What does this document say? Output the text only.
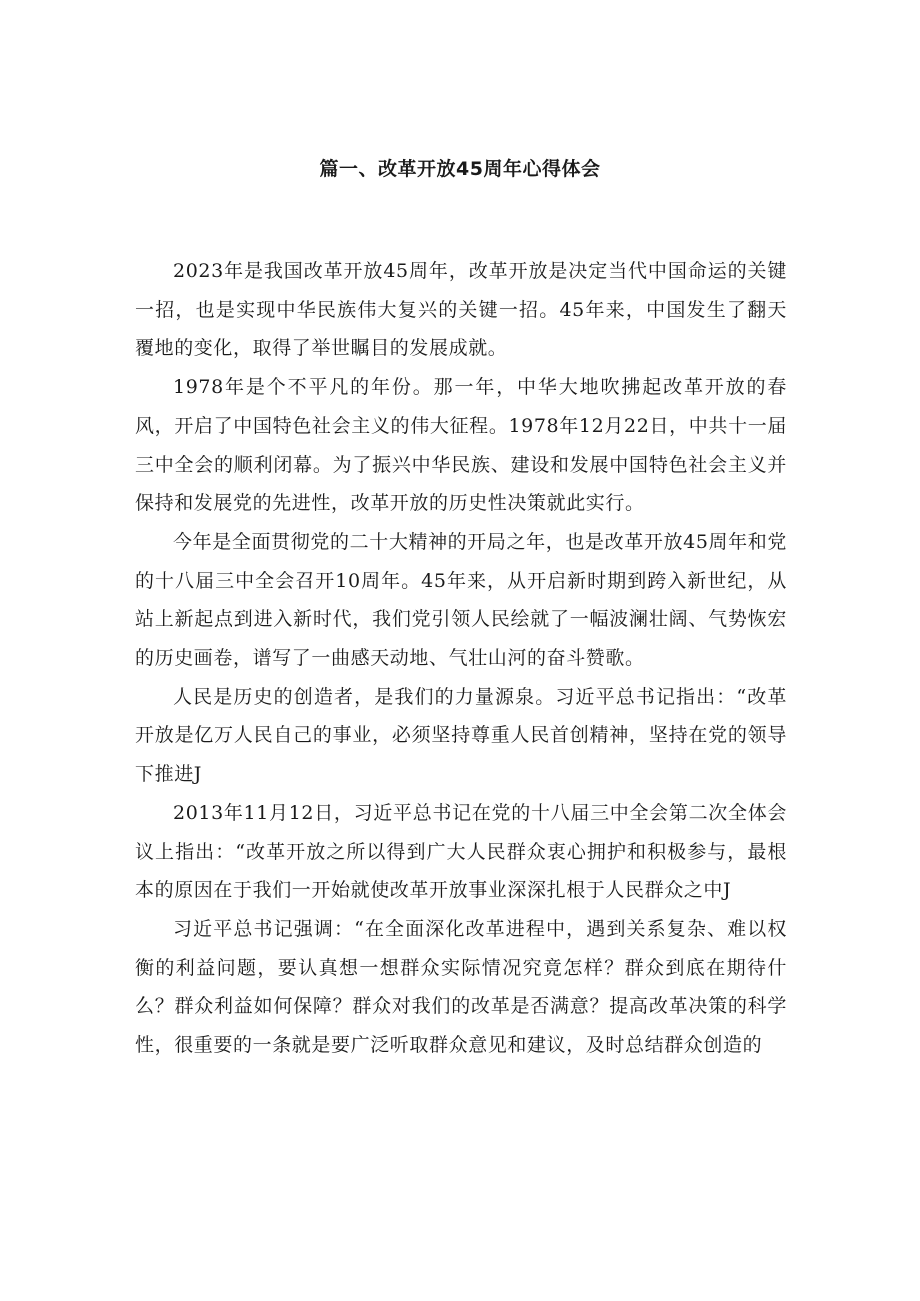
篇一、改革开放45周年心得体会

2023年是我国改革开放45周年，改革开放是决定当代中国命运的关键一招，也是实现中华民族伟大复兴的关键一招。45年来，中国发生了翻天覆地的变化，取得了举世瞩目的发展成就。

1978年是个不平凡的年份。那一年，中华大地吹拂起改革开放的春风，开启了中国特色社会主义的伟大征程。1978年12月22日，中共十一届三中全会的顺利闭幕。为了振兴中华民族、建设和发展中国特色社会主义并保持和发展党的先进性，改革开放的历史性决策就此实行。

今年是全面贯彻党的二十大精神的开局之年，也是改革开放45周年和党的十八届三中全会召开10周年。45年来，从开启新时期到跨入新世纪，从站上新起点到进入新时代，我们党引领人民绘就了一幅波澜壮阔、气势恢宏的历史画卷，谱写了一曲感天动地、气壮山河的奋斗赞歌。

人民是历史的创造者，是我们的力量源泉。习近平总书记指出：“改革开放是亿万人民自己的事业，必须坚持尊重人民首创精神，坚持在党的领导下推进J

2013年11月12日，习近平总书记在党的十八届三中全会第二次全体会议上指出：“改革开放之所以得到广大人民群众衷心拥护和积极参与，最根本的原因在于我们一开始就使改革开放事业深深扎根于人民群众之中J

习近平总书记强调：“在全面深化改革进程中，遇到关系复杂、难以权衡的利益问题，要认真想一想群众实际情况究竟怎样？群众到底在期待什么？群众利益如何保障？群众对我们的改革是否满意？提高改革决策的科学性，很重要的一条就是要广泛听取群众意见和建议，及时总结群众创造的
